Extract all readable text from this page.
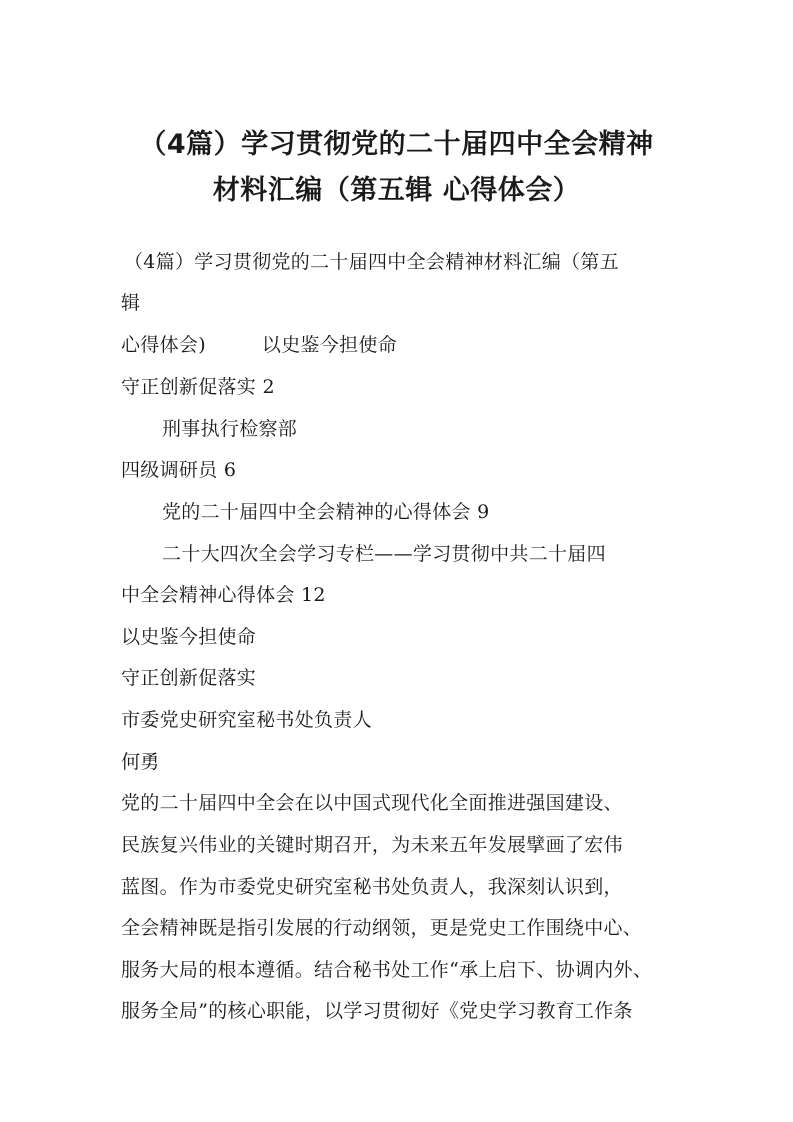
（4篇）学习贯彻党的二十届四中全会精神
材料汇编（第五辑 心得体会）

（4篇）学习贯彻党的二十届四中全会精神材料汇编（第五

辑

心得体会)	以史鉴今担使命

守正创新促落实 2

刑事执行检察部

四级调研员 6

党的二十届四中全会精神的心得体会 9

二十大四次全会学习专栏——学习贯彻中共二十届四

中全会精神心得体会 12

以史鉴今担使命

守正创新促落实

市委党史研究室秘书处负责人

何勇

党的二十届四中全会在以中国式现代化全面推进强国建设、

民族复兴伟业的关键时期召开，为未来五年发展擘画了宏伟

蓝图。作为市委党史研究室秘书处负责人，我深刻认识到，

全会精神既是指引发展的行动纲领，更是党史工作围绕中心、

服务大局的根本遵循。结合秘书处工作“承上启下、协调内外、

服务全局”的核心职能，以学习贯彻好《党史学习教育工作条
